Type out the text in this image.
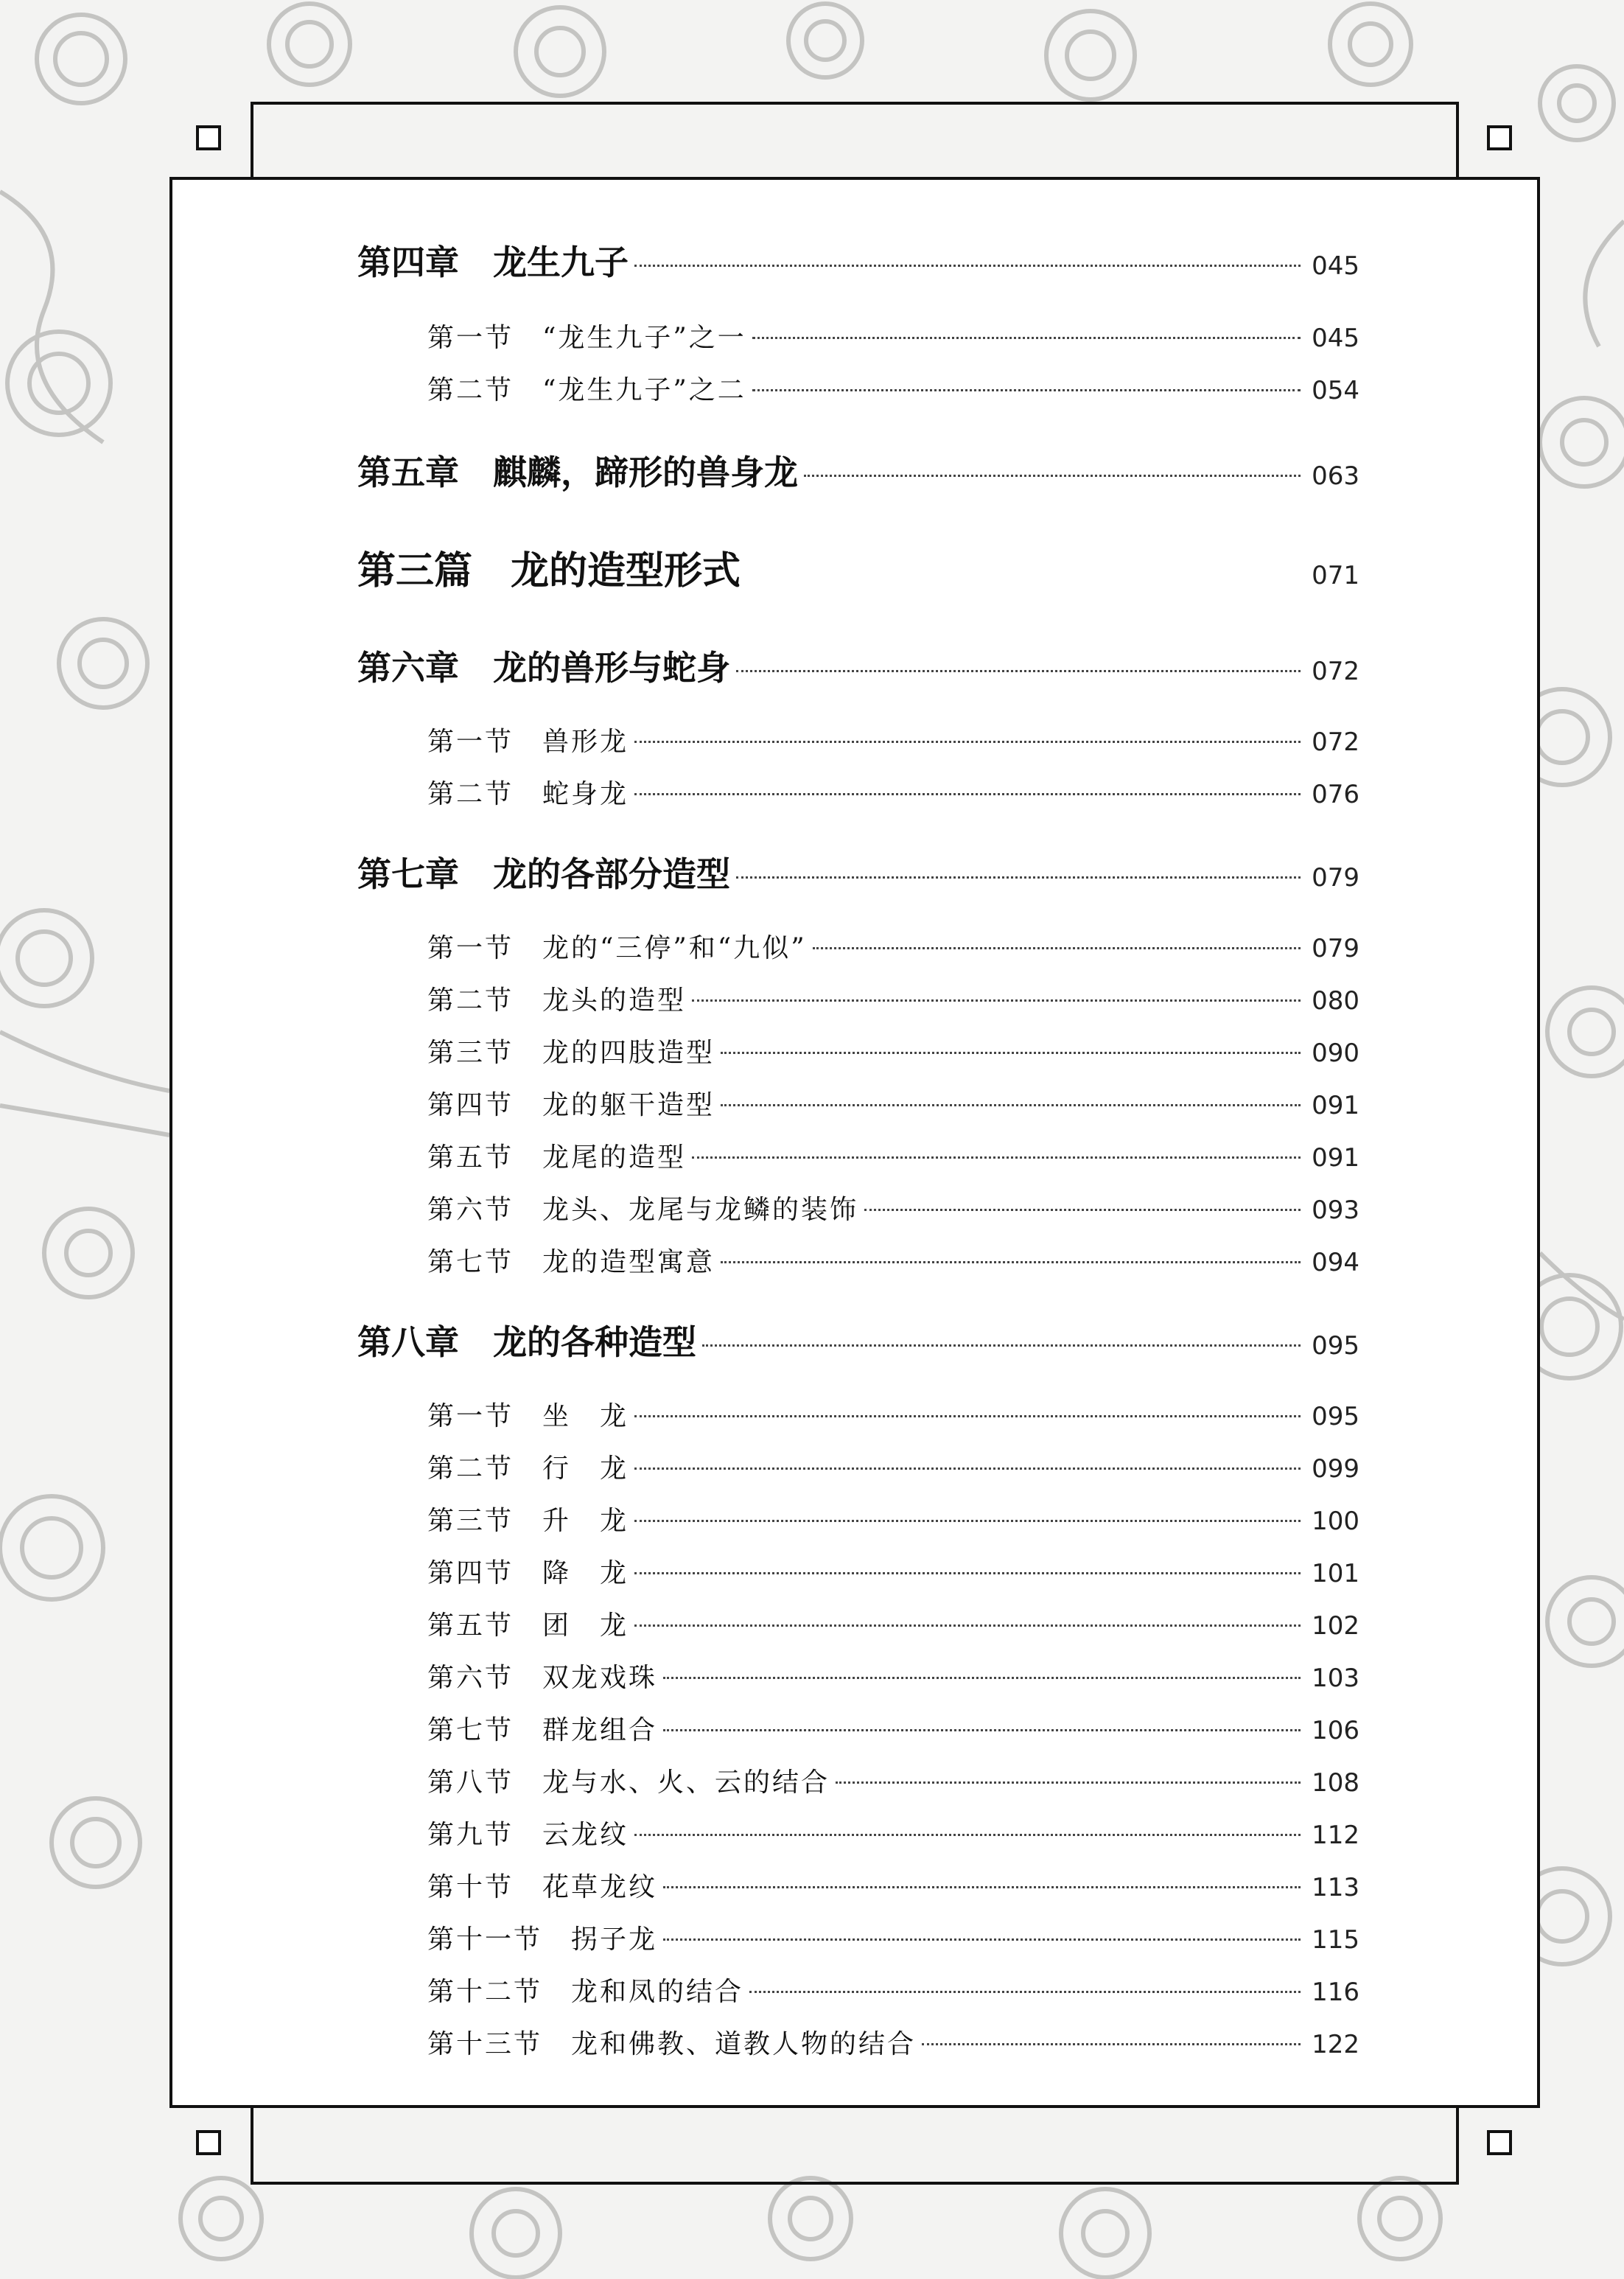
第四章　龙生九子	045
第一节　“龙生九子”之一	045
第二节　“龙生九子”之二	054
第五章　麒麟，蹄形的兽身龙	063
第三篇　龙的造型形式	071
第六章　龙的兽形与蛇身	072
第一节　兽形龙	072
第二节　蛇身龙	076
第七章　龙的各部分造型	079
第一节　龙的“三停”和“九似”	079
第二节　龙头的造型	080
第三节　龙的四肢造型	090
第四节　龙的躯干造型	091
第五节　龙尾的造型	091
第六节　龙头、龙尾与龙鳞的装饰	093
第七节　龙的造型寓意	094
第八章　龙的各种造型	095
第一节　坐　龙	095
第二节　行　龙	099
第三节　升　龙	100
第四节　降　龙	101
第五节　团　龙	102
第六节　双龙戏珠	103
第七节　群龙组合	106
第八节　龙与水、火、云的结合	108
第九节　云龙纹	112
第十节　花草龙纹	113
第十一节　拐子龙	115
第十二节　龙和凤的结合	116
第十三节　龙和佛教、道教人物的结合	122
